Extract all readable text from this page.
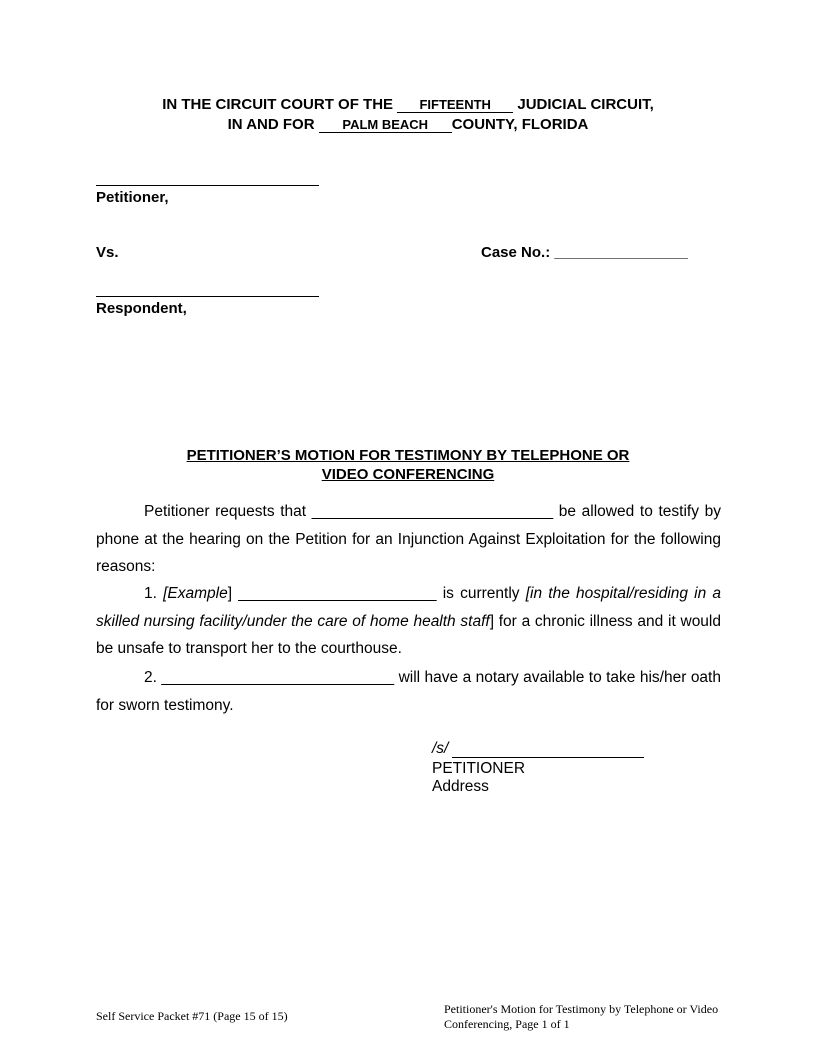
IN THE CIRCUIT COURT OF THE FIFTEENTH JUDICIAL CIRCUIT,
IN AND FOR PALM BEACH COUNTY, FLORIDA
Petitioner,
Vs.	Case No.: ________________
Respondent,
PETITIONER’S MOTION FOR TESTIMONY BY TELEPHONE OR
VIDEO CONFERENCING

Petitioner requests that ____________________________ be allowed to testify by phone at the hearing on the Petition for an Injunction Against Exploitation for the following reasons:

1. [Example] _______________________ is currently [in the hospital/residing in a skilled nursing facility/under the care of home health staff] for a chronic illness and it would be unsafe to transport her to the courthouse.

2. ___________________________ will have a notary available to take his/her oath for sworn testimony.

/s/
PETITIONER
Address
Self Service Packet #71 (Page 15 of 15)	Petitioner's Motion for Testimony by Telephone or Video
Conferencing, Page 1 of 1
